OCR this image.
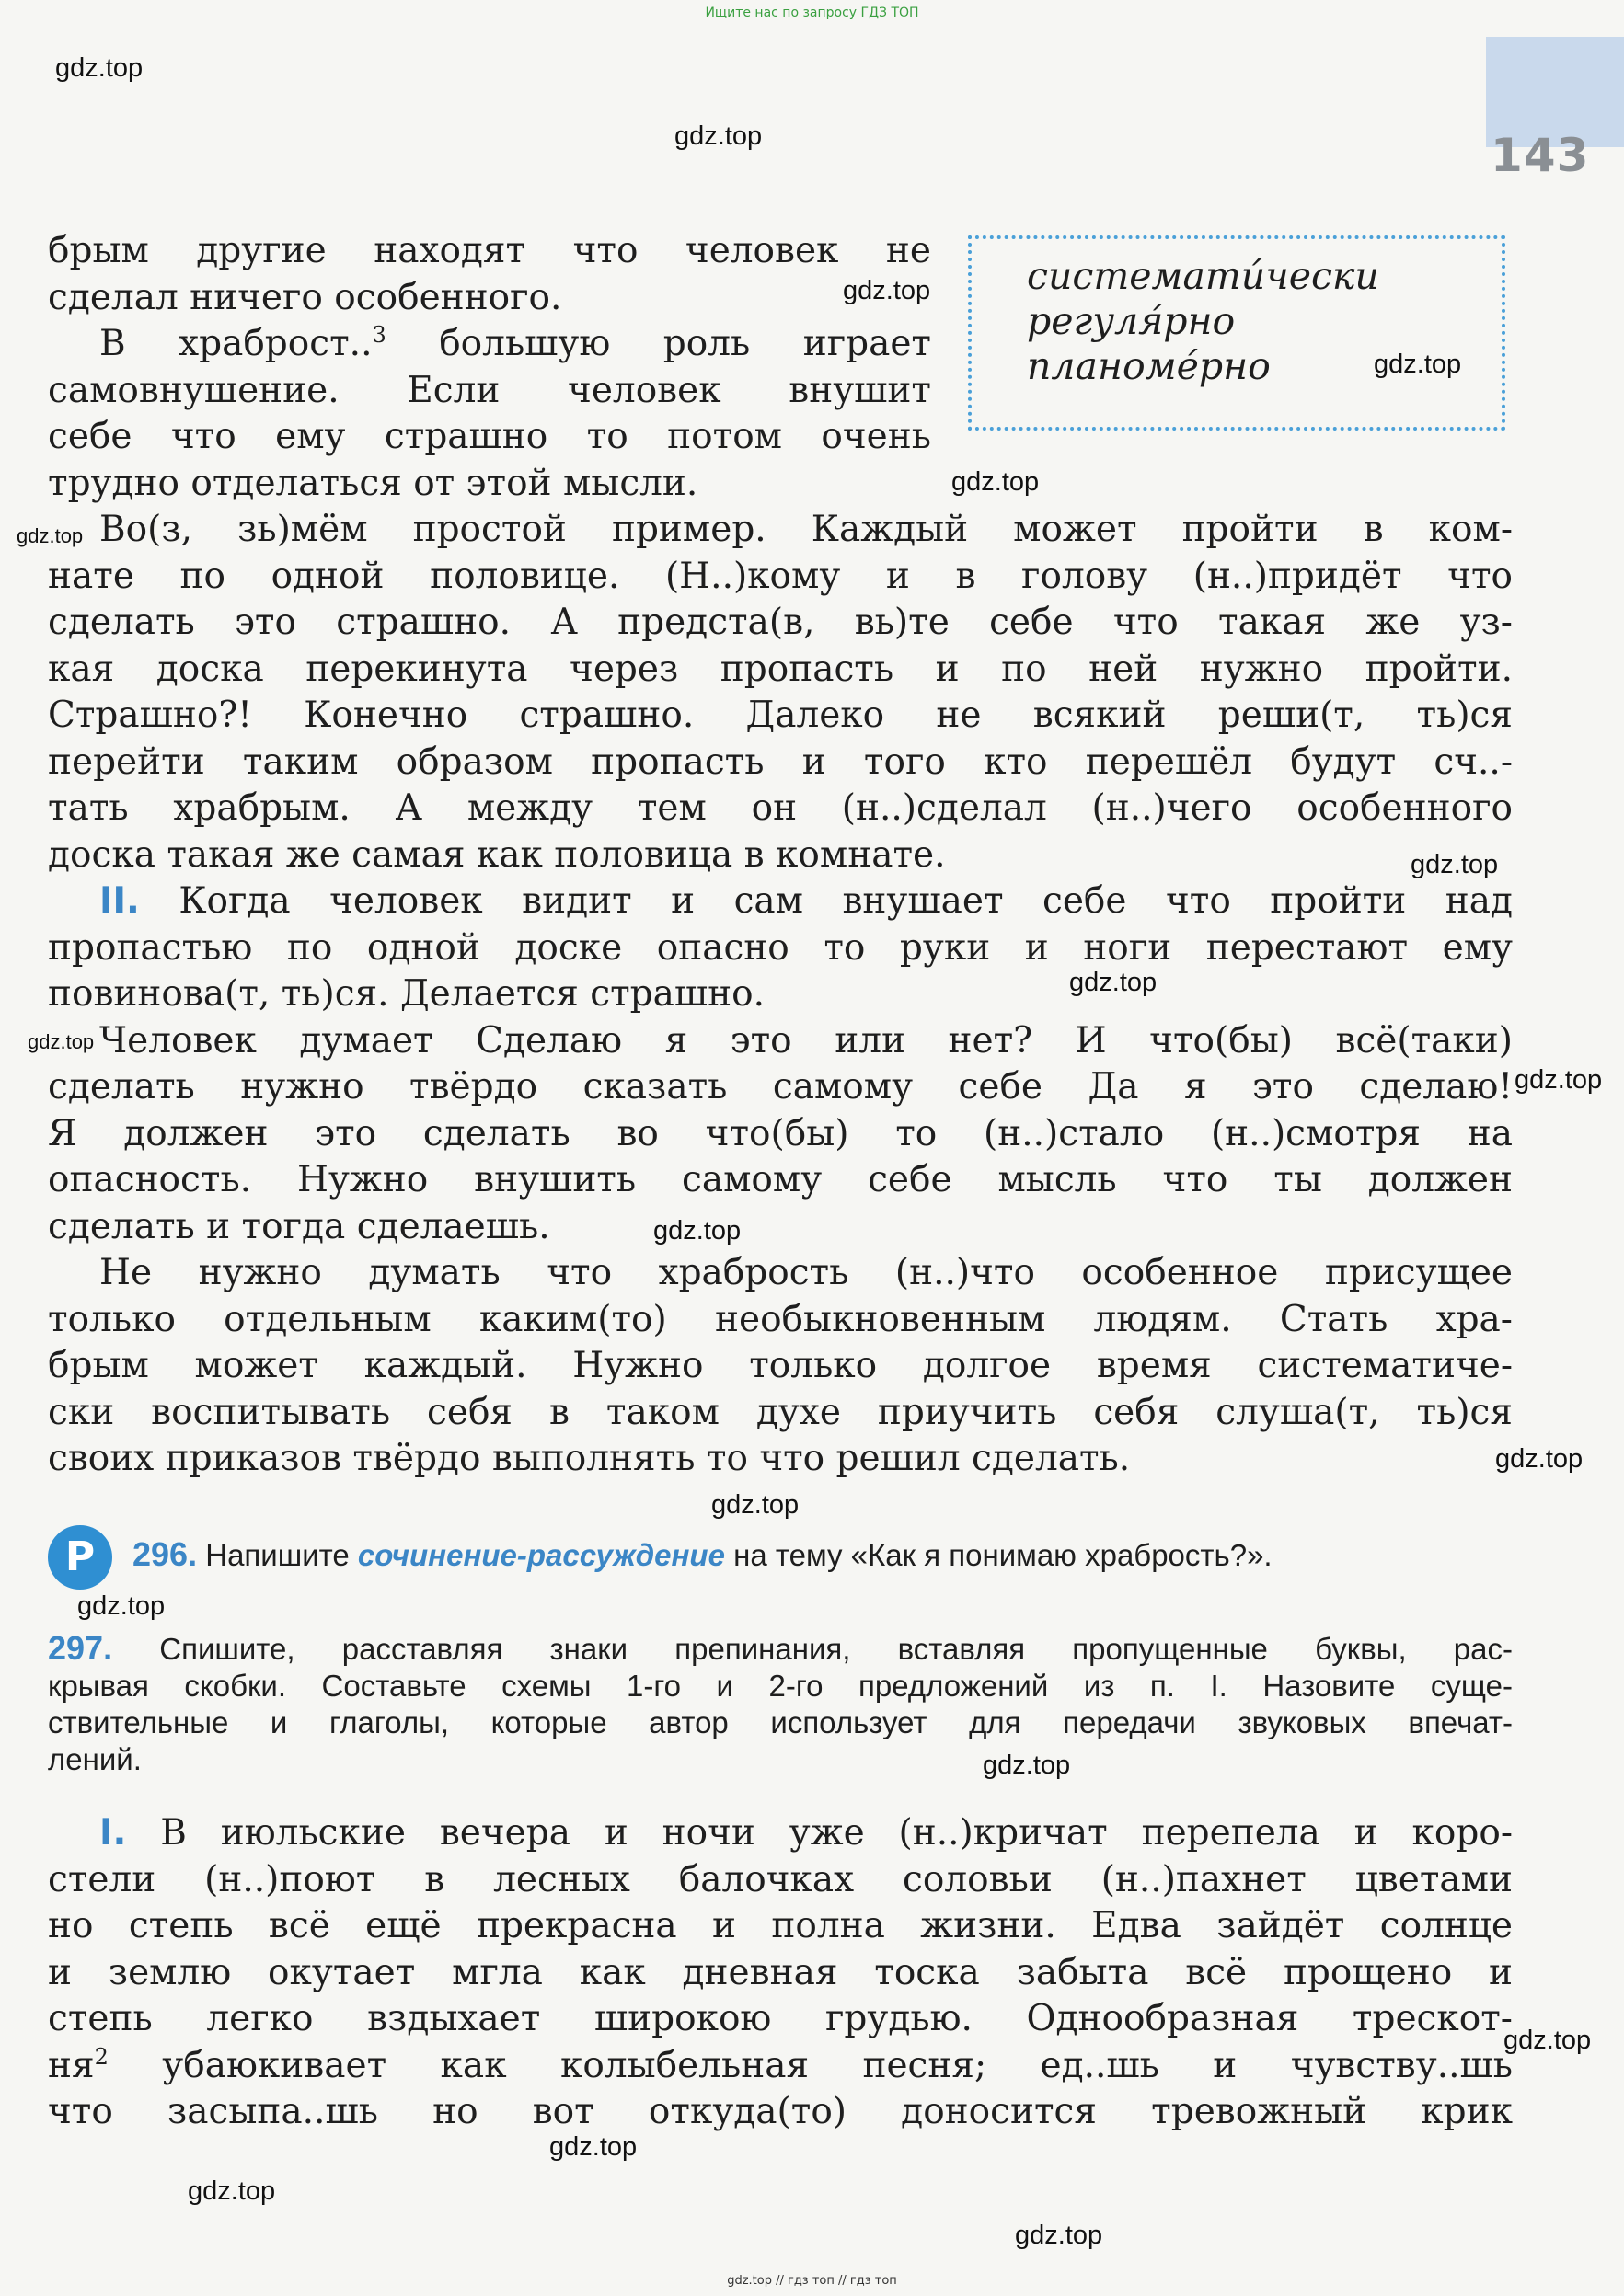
Ищите нас по запросу ГДЗ ТОП
143
системати́чески
регуля́рно
планоме́рно
брым другие находят что человек не
сделал ничего особенного.
В храброст..$^3$ большую роль играет
самовнушение. Если человек внушит
себе что ему страшно то потом очень
трудно отделаться от этой мысли.
Во(з, зь)мём простой пример. Каждый может пройти в ком-
нате по одной половице. (Н..)кому и в голову (н..)придёт что
сделать это страшно. А предста(в, вь)те себе что такая же уз-
кая доска перекинута через пропасть и по ней нужно пройти.
Страшно?! Конечно страшно. Далеко не всякий реши(т, ть)ся
перейти таким образом пропасть и того кто перешёл будут сч..-
тать храбрым. А между тем он (н..)сделал (н..)чего особенного
доска такая же самая как половица в комнате.
II. Когда человек видит и сам внушает себе что пройти над
пропастью по одной доске опасно то руки и ноги перестают ему
повинова(т, ть)ся. Делается страшно.
Человек думает Сделаю я это или нет? И что(бы) всё(таки)
сделать нужно твёрдо сказать самому себе Да я это сделаю!
Я должен это сделать во что(бы) то (н..)стало (н..)смотря на
опасность. Нужно внушить самому себе мысль что ты должен
сделать и тогда сделаешь.
Не нужно думать что храбрость (н..)что особенное присущее
только отдельным каким(то) необыкновенным людям. Стать хра-
брым может каждый. Нужно только долгое время систематиче-
ски воспитывать себя в таком духе приучить себя слуша(т, ть)ся
своих приказов твёрдо выполнять то что решил сделать.
Р	296. Напишите сочинение-рассуждение на тему «Как я понимаю храбрость?».
297. Спишите, расставляя знаки препинания, вставляя пропущенные буквы, рас-
крывая скобки. Составьте схемы 1-го и 2-го предложений из п. I. Назовите суще-
ствительные и глаголы, которые автор использует для передачи звуковых впечат-
лений.
I. В июльские вечера и ночи уже (н..)кричат перепела и коро-
стели (н..)поют в лесных балочках соловьи (н..)пахнет цветами
но степь всё ещё прекрасна и полна жизни. Едва зайдёт солнце
и землю окутает мгла как дневная тоска забыта всё прощено и
степь легко вздыхает широкою грудью. Однообразная трескот-
$ня^2$ убаюкивает как колыбельная песня; ед..шь и чувству..шь
что засыпа..шь но вот откуда(то) доносится тревожный крик
gdz.top
gdz.top
gdz.top
gdz.top
gdz.top
gdz.top
gdz.top
gdz.top
gdz.top
gdz.top
gdz.top
gdz.top
gdz.top
gdz.top
gdz.top
gdz.top
gdz.top
gdz.top
gdz.top
gdz.top // гдз топ // гдз топ
